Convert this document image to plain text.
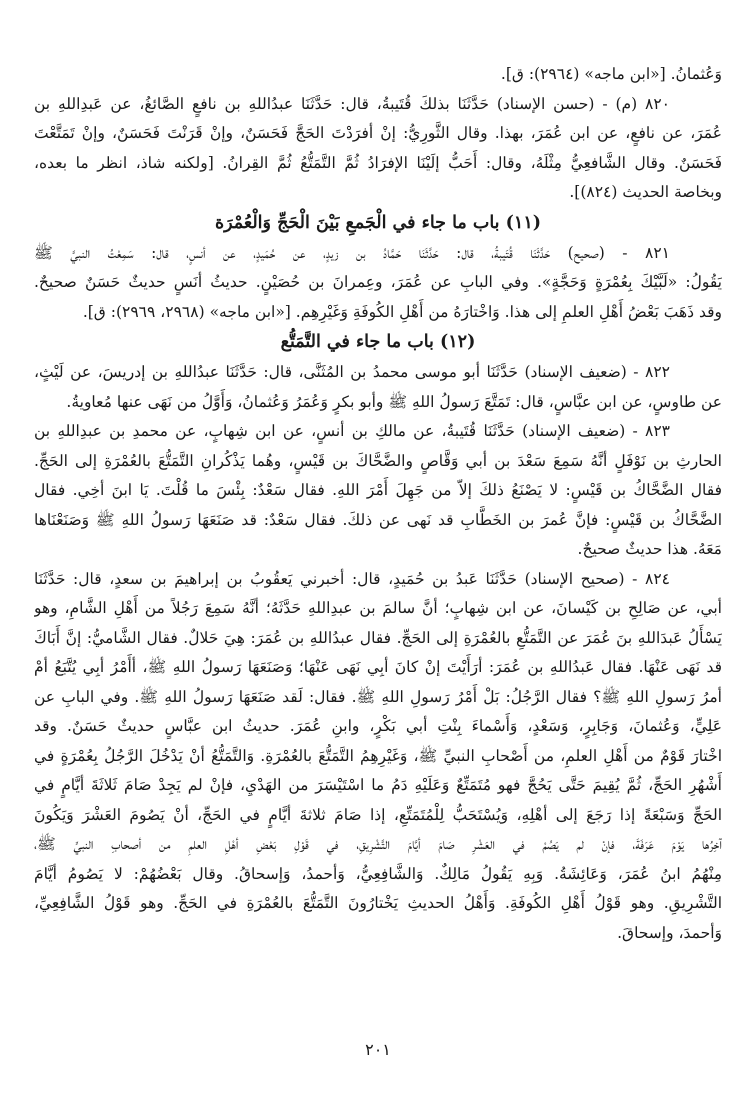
وَعُثمانُ. [«ابن ماجه» (٢٩٦٤): ق].
٨٢٠ (م) - (حسن الإسناد) حَدَّثَنَا بذلكَ قُتَيبةُ، قال: حَدَّثَنَا عبدُاللهِ بن نافعٍ الصَّائغُ، عن عَبدِاللهِ بن
عُمَرَ، عن نافعٍ، عن ابن عُمَرَ، بهذا. وقال الثَّورِيُّ: إنْ أفرَدْتَ الحَجَّ فَحَسَنٌ، وإنْ قَرَنْتَ فَحَسَنٌ، وإنْ تَمَتَّعْتَ
فَحَسَنٌ. وقال الشَّافعِيُّ مِثْلَهُ، وقال: أَحَبُّ إلَيْنَا الإفرَادُ ثُمَّ التَّمَتُّعُ ثُمَّ القِرانُ. [ولكنه شاذ، انظر ما بعده،
وبخاصة الحديث (٨٢٤)].
(١١) باب ما جاء في الْجَمعِ بَيْنَ الْحَجِّ وَالْعُمْرَة
٨٢١ - (صحيح) حَدَّثَنَا قُتَيبةُ، قال: حَدَّثَنَا حَمَّادُ بن زيدٍ، عن حُمَيدٍ، عن أنسٍ، قال: سَمِعْتُ النبيَّ ﷺ
يَقُولُ: «لَبَّيْكَ بِعُمْرَةٍ وَحَجَّةٍ». وفي البابِ عن عُمَرَ، وعِمرانَ بن حُصَيْنٍ. حديثُ أنَسٍ حديثٌ حَسَنٌ صحيحٌ.
وقد ذَهَبَ بَعْضُ أَهْلِ العلمِ إلى هذا. وَاخْتارَهُ من أَهْلِ الكُوفَةِ وَغَيْرِهِم. [«ابن ماجه» (٢٩٦٨، ٢٩٦٩): ق].
(١٢) باب ما جاء في التَّمَتُّع
٨٢٢ - (ضعيف الإسناد) حَدَّثَنَا أبو موسى محمدُ بن المُثَنَّى، قال: حَدَّثَنَا عبدُاللهِ بن إدريسَ، عن لَيْثٍ،
عن طاوسٍ، عن ابن عبَّاسٍ، قال: تَمَتَّعَ رَسولُ اللهِ ﷺ وأبو بكرٍ وَعُمَرُ وَعُثمانُ، وَأَوَّلُ من نَهَى عنها مُعاويةُ.
٨٢٣ - (ضعيف الإسناد) حَدَّثَنَا قُتَيبةُ، عن مالكِ بن أنسٍ، عن ابن شِهابٍ، عن محمدِ بن عبدِاللهِ بن
الحارثِ بن نَوْفَلٍ أنَّهُ سَمِعَ سَعْدَ بن أبي وَقَّاصٍ والضَّحَّاكَ بن قَيْسٍ، وهُما يَذْكُرانِ التَّمَتُّعَ بالعُمْرَةِ إلى الحَجِّ.
فقال الضَّحَّاكُ بن قَيْسٍ: لا يَصْنَعُ ذلكَ إلاّ من جَهِلَ أَمْرَ اللهِ. فقال سَعْدٌ: بِئْسَ ما قُلْتَ. يَا ابنَ أخِي. فقال
الضَّحَّاكُ بن قَيْسٍ: فإنَّ عُمرَ بن الخَطَّابِ قد نَهى عن ذلكَ. فقال سَعْدٌ: قد صَنَعَهَا رَسولُ اللهِ ﷺ وَصَنَعْنَاها
مَعَهُ. هذا حديثٌ صحيحٌ.
٨٢٤ - (صحيح الإسناد) حَدَّثَنَا عَبدُ بن حُمَيدٍ، قال: أخبرني يَعقُوبُ بن إبراهيمَ بن سعدٍ، قال: حَدَّثَنَا
أبي، عن صَالِحِ بن كَيْسانَ، عن ابن شِهابٍ؛ أنَّ سالمَ بن عبدِاللهِ حَدَّثَهُ؛ أنَّهُ سَمِعَ رَجُلاً من أَهْلِ الشَّامِ، وهو
يَسْأَلُ عَبدَاللهِ بنَ عُمَرَ عن التَّمَتُّعِ بالعُمْرَةِ إلى الحَجِّ. فقال عبدُاللهِ بن عُمَرَ: هِيَ حَلالٌ. فقال الشَّاميُّ: إنَّ أَبَاكَ
قد نَهَى عَنْهَا. فقال عَبدُاللهِ بن عُمَرَ: أرَأَيْتَ إنْ كانَ أبِي نَهَى عَنْهَا؛ وَصَنَعَهَا رَسولُ اللهِ ﷺ، أأَمْرُ أبِي يُتَّبَعُ أمْ
أمرُ رَسولِ اللهِ ﷺ؟ فقال الرَّجُلُ: بَلْ أَمْرُ رَسولِ اللهِ ﷺ. فقال: لَقد صَنَعَهَا رَسولُ اللهِ ﷺ. وفي البابِ عن
عَلِيٍّ، وَعُثمانَ، وَجَابِرٍ، وَسَعْدٍ، وَأَسْماءَ بِنْتِ أبي بَكْرٍ، وابنِ عُمَرَ. حديثُ ابن عبَّاسٍ حديثٌ حَسَنٌ. وقد
اخْتارَ قَوْمٌ من أَهْلِ العلمِ، من أَصْحابِ النبيِّ ﷺ، وَغَيْرِهِمُ التَّمَتُّعَ بالعُمْرَةِ. وَالتَّمَتُّعُ أنْ يَدْخُلَ الرَّجُلُ بِعُمْرَةٍ في
أَشْهُرِ الحَجِّ، ثُمَّ يُقِيمَ حَتَّى يَحُجَّ فهو مُتَمَتِّعٌ وَعَلَيْهِ دَمُ ما اسْتَيْسَرَ من الهَدْيِ، فإنْ لم يَجِدْ صَامَ ثَلاثَةَ أيَّامٍ في
الحَجِّ وَسَبْعَةً إذا رَجَعَ إلى أهْلِهِ، وَيُسْتَحَبُّ لِلْمُتَمَتِّعِ، إذا صَامَ ثلاثةَ أيَّامٍ في الحَجِّ، أنْ يَصُومَ العَشْرَ وَيَكُونَ
آخِرُها يَوْمَ عَرَفَةَ، فإنْ لم يَصُمْ في العَشْرِ صَامَ أيَّامَ التَّشْرِيقِ، في قَوْلِ بَعْضِ أهْلِ العلمِ من أصحابِ النبيِّ ﷺ،
مِنْهُمُ ابنُ عُمَرَ، وَعَائِشَةُ. وَبِهِ يَقُولُ مَالِكٌ. وَالشَّافِعِيُّ، وَأحمدُ، وَإسحاقُ. وقال بَعْضُهُمْ: لا يَصُومُ أيَّامَ
التَّشْرِيقِ. وهو قَوْلُ أَهْلِ الكُوفَةِ. وَأَهْلُ الحديثِ يَخْتارُونَ التَّمَتُّعَ بالعُمْرَةِ في الحَجِّ. وهو قَوْلُ الشَّافِعِيِّ،
وَأحمدَ، وإسحاقَ.
٢٠١
